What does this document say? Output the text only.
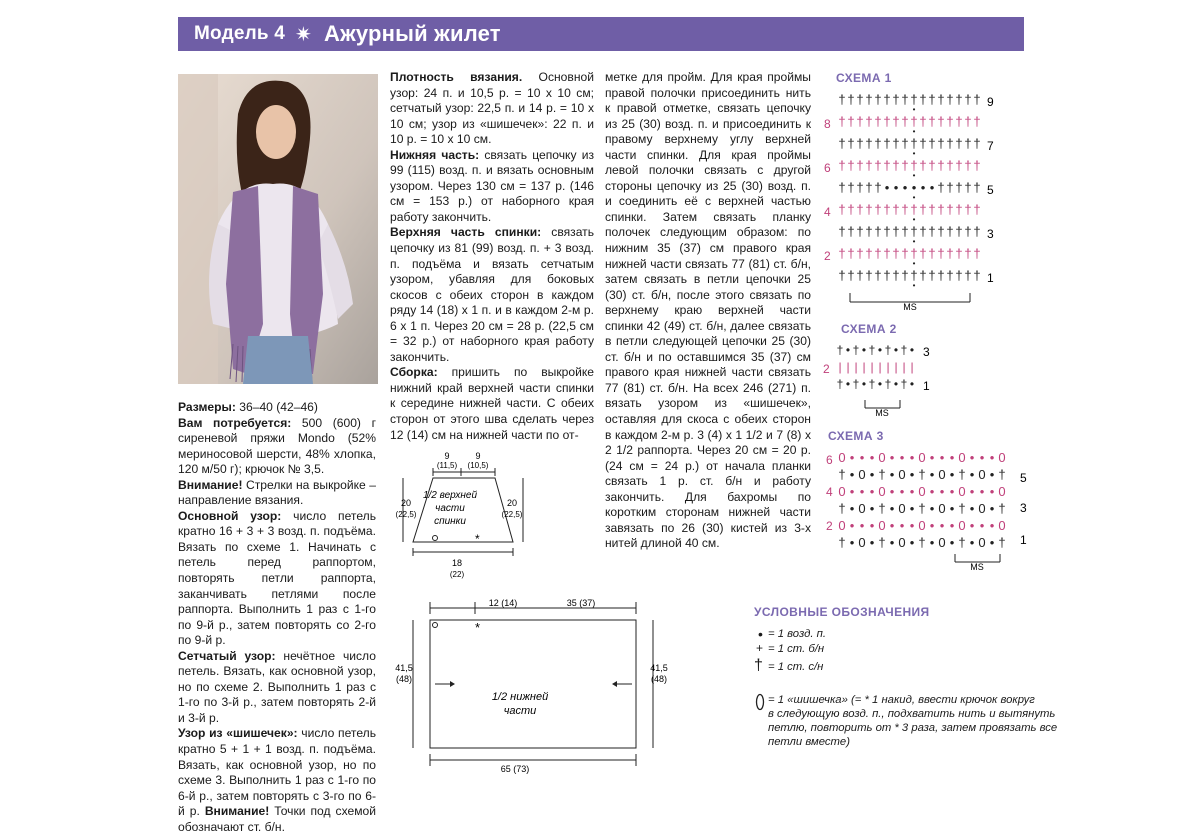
Модель 4 ✷ Ажурный жилет

Размеры: 36–40 (42–46)

Вам потребуется: 500 (600) г сиреневой пряжи Mondo (52% мериносовой шерсти, 48% хлопка, 120 м/50 г); крючок № 3,5.

Внимание! Стрелки на выкройке – направление вязания.

Основной узор: число петель кратно 16 + 3 + 3 возд. п. подъёма. Вязать по схеме 1. Начинать с петель перед раппортом, повторять петли раппорта, заканчивать петлями после раппорта. Выполнить 1 раз с 1-го по 9-й р., затем повторять со 2-го по 9-й р.

Сетчатый узор: нечётное число петель. Вязать, как основной узор, но по схеме 2. Выполнить 1 раз с 1-го по 3-й р., затем повторять 2-й и 3-й р.

Узор из «шишечек»: число петель кратно 5 + 1 + 1 возд. п. подъёма. Вязать, как основной узор, но по схеме 3. Выполнить 1 раз с 1-го по 6-й р., затем повторять с 3-го по 6-й р. Внимание! Точки под схемой обозначают ст. б/н.

Плотность вязания. Основной узор: 24 п. и 10,5 р. = 10 х 10 см; сетчатый узор: 22,5 п. и 14 р. = 10 х 10 см; узор из «шишечек»: 22 п. и 10 р. = 10 х 10 см.

Нижняя часть: связать цепочку из 99 (115) возд. п. и вязать основным узором. Через 130 см = 137 р. (146 см = 153 р.) от наборного края работу закончить.

Верхняя часть спинки: связать цепочку из 81 (99) возд. п. + 3 возд. п. подъёма и вязать сетчатым узором, убавляя для боковых скосов с обеих сторон в каждом ряду 14 (18) х 1 п. и в каждом 2-м р. 6 х 1 п. Через 20 см = 28 р. (22,5 см = 32 р.) от наборного края работу закончить.

Сборка: пришить по выкройке нижний край верхней части спинки к середине нижней части. С обеих сторон от этого шва сделать через 12 (14) см на нижней части по от-

метке для пройм. Для края проймы правой полочки присоединить нить к правой отметке, связать цепочку из 25 (30) возд. п. и присоединить к правому верхнему углу верхней части спинки. Для края проймы левой полочки связать с другой стороны цепочку из 25 (30) возд. п. и соединить её с верхней частью спинки. Затем связать планку полочек следующим образом: по нижним 35 (37) см правого края нижней части связать 77 (81) ст. б/н, затем связать в петли цепочки 25 (30) ст. б/н, после этого связать по верхнему краю верхней части спинки 42 (49) ст. б/н, далее связать в петли следующей цепочки 25 (30) ст. б/н и по оставшимся 35 (37) см правого края нижней части связать 77 (81) ст. б/н. На всех 246 (271) п. вязать узором из «шишечек», оставляя для скоса с обеих сторон в каждом 2-м р. 3 (4) х 1 1/2 и 7 (8) х 2 1/2 раппорта. Через 20 см = 20 р. (24 см = 24 р.) от начала планки связать 1 р. ст. б/н и работу закончить. Для бахромы по коротким сторонам нижней части завязать по 26 (30) кистей из 3-х нитей длиной 40 см.

9
(11,5)
9
(10,5)
20
(22,5)
20
(22,5)
1/2 верхней
части
спинки
*
18
(22)
12 (14)	35 (37)
*
41,5
(48)
41,5
(48)
1/2 нижней
части
65 (73)
СХЕМА 1
СХЕМА 2
СХЕМА 3
† † † † † † † † † † † † † † † †
•
† † † † † † † † † † † † † † † †
•
† † † † † † † † † † † † † † † †
•
† † † † † † † † † † † † † † † †
•
† † † † † • • • • • • † † † † †
•
† † † † † † † † † † † † † † † †
•
† † † † † † † † † † † † † † † †
•
† † † † † † † † † † † † † † † †
•
† † † † † † † † † † † † † † † †
•
9
7
5
3
1
8
6
4
2
MS
† • † • † • † • † •
| | | | | | | | | |
† • † • † • † • † •
3
1
2
MS
0 • • • 0 • • • 0 • • • 0 • • • 0
† • 0 • † • 0 • † • 0 • † • 0 • †
0 • • • 0 • • • 0 • • • 0 • • • 0
† • 0 • † • 0 • † • 0 • † • 0 • †
0 • • • 0 • • • 0 • • • 0 • • • 0
† • 0 • † • 0 • † • 0 • † • 0 • †
5
3
1
6
4
2
MS
УСЛОВНЫЕ ОБОЗНАЧЕНИЯ
• = 1 возд. п.
+ = 1 ст. б/н
† = 1 ст. с/н
= 1 «шишечка» (= * 1 накид, ввести крючок вокруг
в следующую возд. п., подхватить нить и вытянуть
петлю, повторить от * 3 раза, затем провязать все
петли вместе)
